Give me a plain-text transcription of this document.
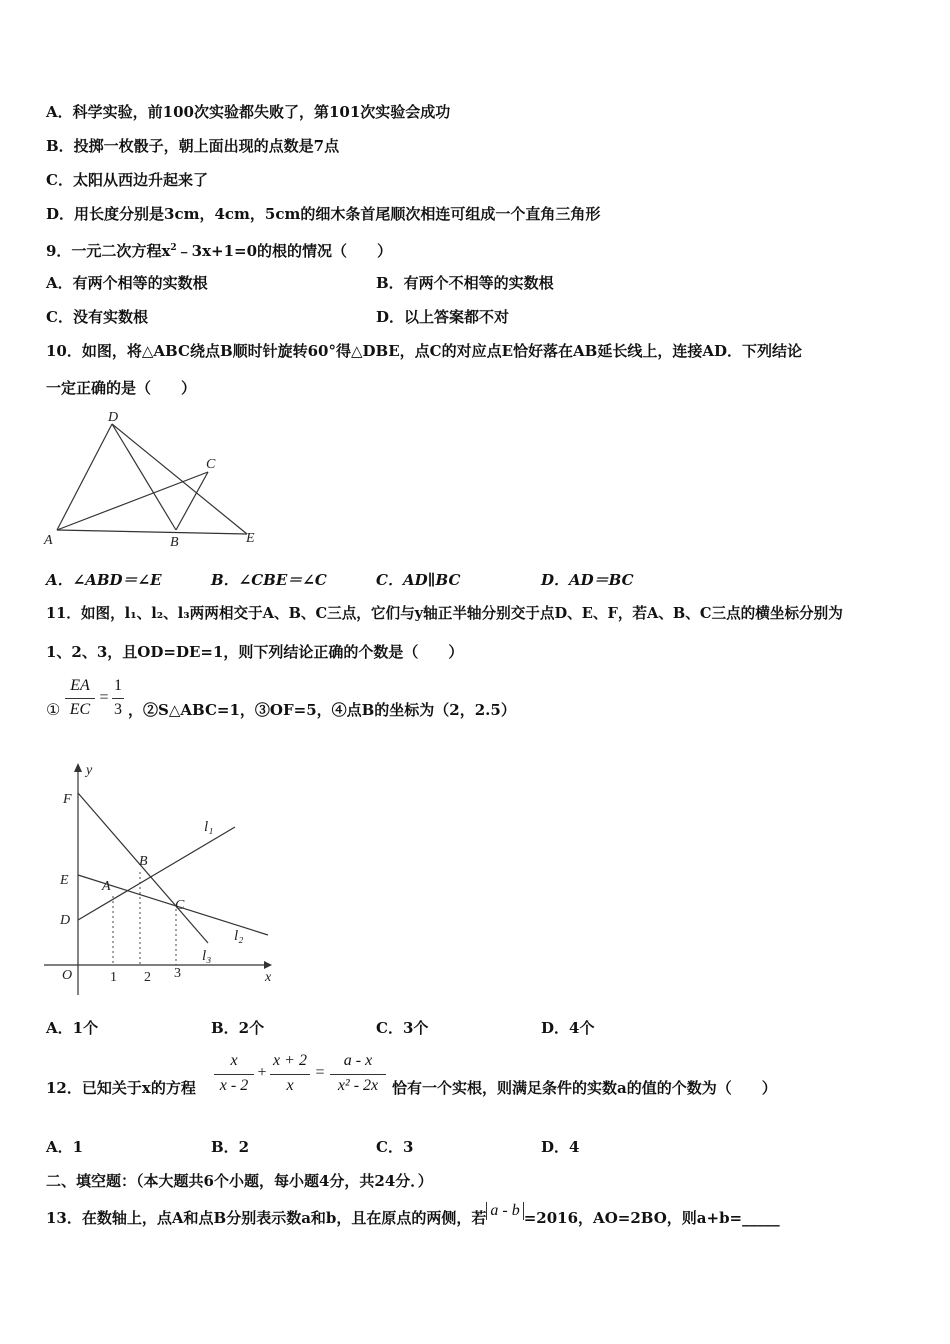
A．科学实验，前100次实验都失败了，第101次实验会成功
B．投掷一枚骰子，朝上面出现的点数是7点
C．太阳从西边升起来了
D．用长度分别是3cm，4cm，5cm的细木条首尾顺次相连可组成一个直角三角形
9．一元二次方程$x^2﹣3x+1=0$的根的情况（　　）
A．有两个相等的实数根	B．有两个不相等的实数根
C．没有实数根	D．以上答案都不对
10．如图，将△ABC绕点B顺时针旋转60°得△DBE，点C的对应点E恰好落在AB延长线上，连接AD．下列结论
一定正确的是（　　）
D
C
A	B	E
A．∠ABD＝∠E	B．∠CBE＝∠C	C．AD∥BC	D．AD＝BC
11．如图，l₁、l₂、l₃两两相交于A、B、C三点，它们与y轴正半轴分别交于点D、E、F，若A、B、C三点的横坐标分别为
1、2、3，且OD=DE=1，则下列结论正确的个数是（　　）
①
EA
EC
=
1
3 ，②S△ABC=1，③OF=5，④点B的坐标为（2，2.5）
y
x
O
F
E
D
A
B
C
l₁
l₂
l₃
1 2 3
A．1个	B．2个	C．3个	D．4个
12．已知关于x的方程
x
x - 2
+
x + 2
x
=
a - x
x² - 2x 恰有一个实根，则满足条件的实数a的值的个数为（　　）
A．1	B．2	C．3	D．4
二、填空题：（本大题共6个小题，每小题4分，共24分．）
13．在数轴上，点A和点B分别表示数a和b，且在原点的两侧，若 a - b =2016，AO=2BO，则a+b=_____
